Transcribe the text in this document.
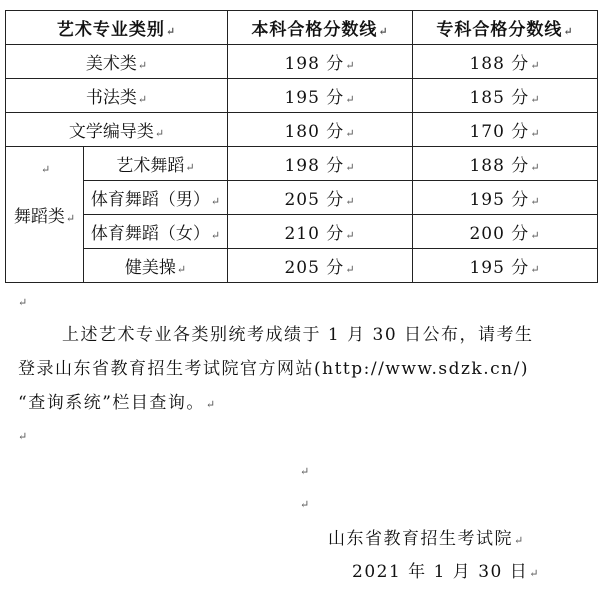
艺术专业类别↵		本科合格分数线↵	专科合格分数线↵
美术类↵		198 分↵	188 分↵
书法类↵		195 分↵	185 分↵
文学编导类↵		180 分↵	170 分↵

↵
舞蹈类↵	艺术舞蹈↵	198 分↵	188 分↵
	体育舞蹈（男）↵	205 分↵	195 分↵
	体育舞蹈（女）↵	210 分↵	200 分↵
	健美操↵	205 分↵	195 分↵
↵
上述艺术专业各类别统考成绩于 1 月 30 日公布，请考生
登录山东省教育招生考试院官方网站(http://www.sdzk.cn/)
“查询系统”栏目查询。↵
↵
↵
↵
山东省教育招生考试院↵
2021 年 1 月 30 日↵
